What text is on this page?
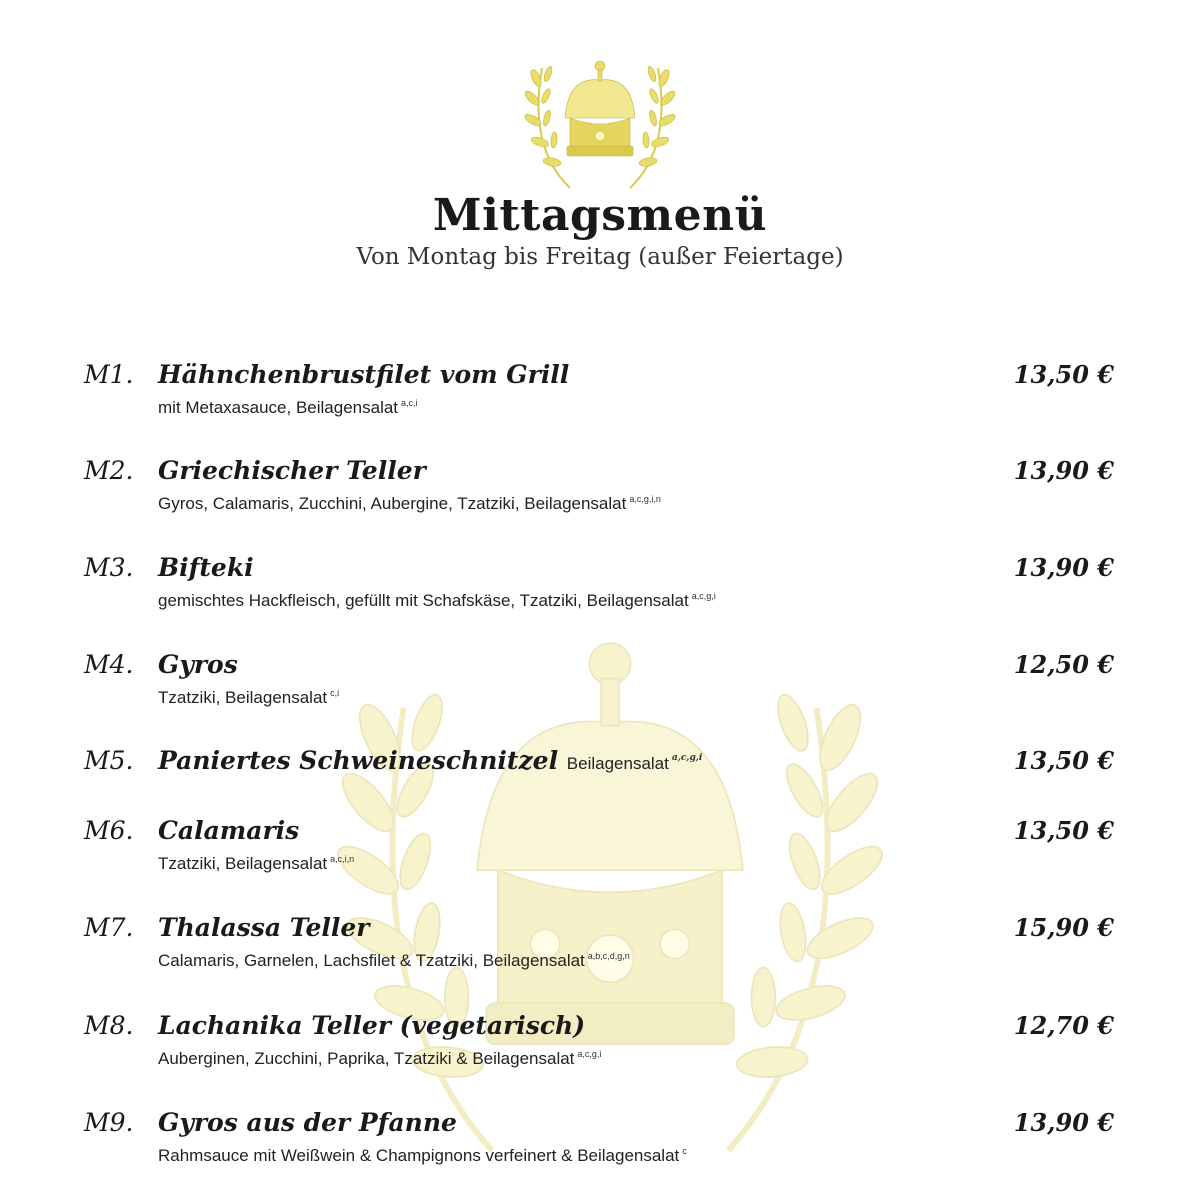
Mittagsmenü
Von Montag bis Freitag (außer Feiertage)
M1. Hähnchenbrustfilet vom Grill	13,50 €
mit Metaxasauce, Beilagensalat $^{a,c,i}$
M2. Griechischer Teller	13,90 €
Gyros, Calamaris, Zucchini, Aubergine, Tzatziki, Beilagensalat $^{a,c,g,i,n}$
M3. Bifteki	13,90 €
gemischtes Hackfleisch, gefüllt mit Schafskäse, Tzatziki, Beilagensalat $^{a,c,g,i}$
M4. Gyros	12,50 €
Tzatziki, Beilagensalat $^{c,i}$
M5. Paniertes Schweineschnitzel Beilagensalat $^{a,c,g,i}$	13,50 €
M6. Calamaris	13,50 €
Tzatziki, Beilagensalat $^{a,c,i,n}$
M7. Thalassa Teller	15,90 €
Calamaris, Garnelen, Lachsfilet & Tzatziki, Beilagensalat $^{a,b,c,d,g,n}$
M8. Lachanika Teller (vegetarisch)	12,70 €
Auberginen, Zucchini, Paprika, Tzatziki & Beilagensalat $^{a,c,g,i}$
M9. Gyros aus der Pfanne	13,90 €
Rahmsauce mit Weißwein & Champignons verfeinert & Beilagensalat $^c$
